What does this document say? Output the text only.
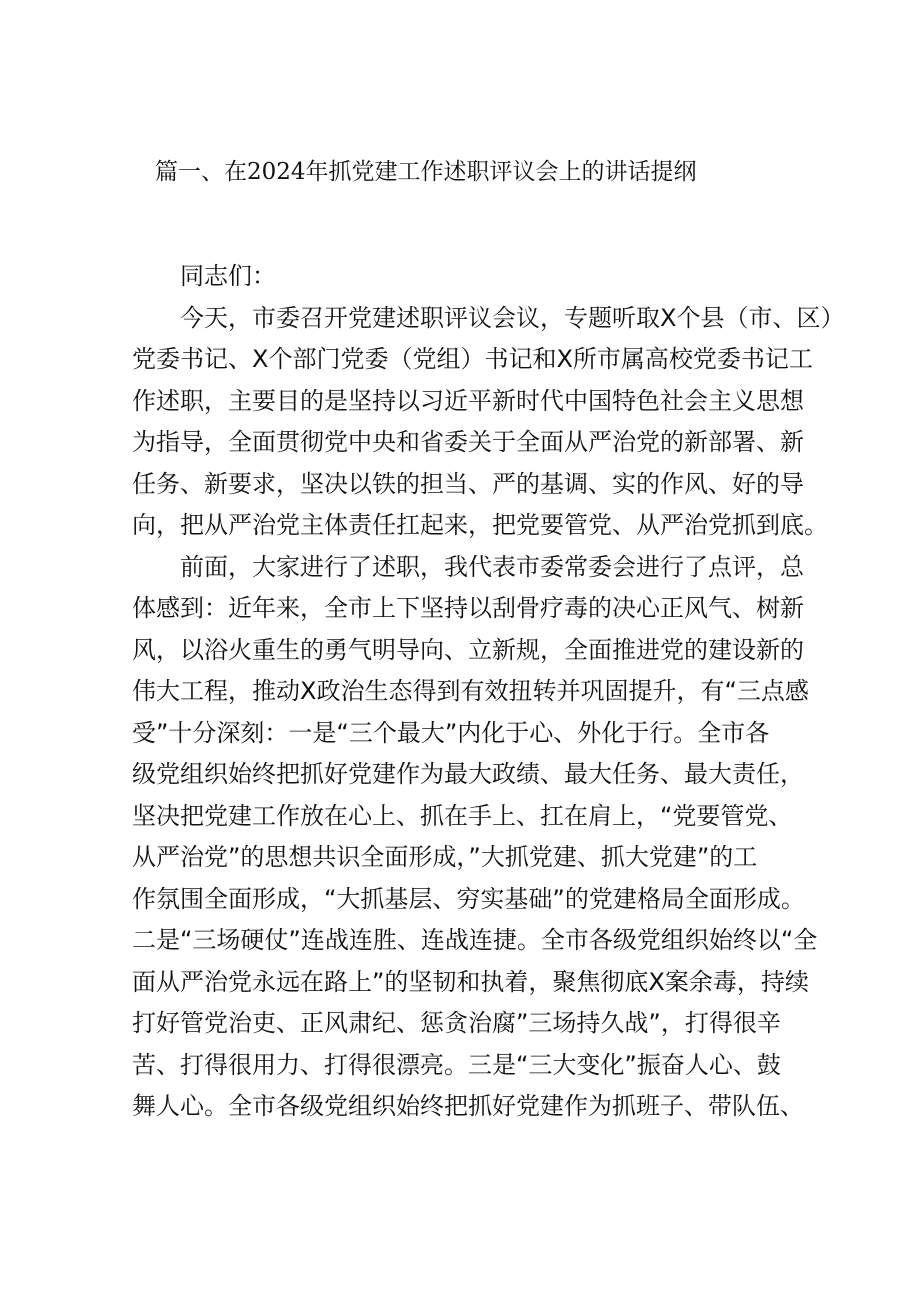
篇一、在2024年抓党建工作述职评议会上的讲话提纲
同志们：
今天，市委召开党建述职评议会议，专题听取X个县（市、区）
党委书记、X个部门党委（党组）书记和X所市属高校党委书记工
作述职，主要目的是坚持以习近平新时代中国特色社会主义思想
为指导，全面贯彻党中央和省委关于全面从严治党的新部署、新
任务、新要求，坚决以铁的担当、严的基调、实的作风、好的导
向，把从严治党主体责任扛起来，把党要管党、从严治党抓到底。
前面，大家进行了述职，我代表市委常委会进行了点评，总
体感到：近年来，全市上下坚持以刮骨疗毒的决心正风气、树新
风，以浴火重生的勇气明导向、立新规，全面推进党的建设新的
伟大工程，推动X政治生态得到有效扭转并巩固提升，有“三点感
受”十分深刻：一是“三个最大”内化于心、外化于行。全市各
级党组织始终把抓好党建作为最大政绩、最大任务、最大责任，
坚决把党建工作放在心上、抓在手上、扛在肩上，“党要管党、
从严治党”的思想共识全面形成，”大抓党建、抓大党建”的工
作氛围全面形成，“大抓基层、穷实基础”的党建格局全面形成。
二是“三场硬仗”连战连胜、连战连捷。全市各级党组织始终以“全
面从严治党永远在路上”的坚韧和执着，聚焦彻底X案余毒，持续
打好管党治吏、正风肃纪、惩贪治腐”三场持久战”，打得很辛
苦、打得很用力、打得很漂亮。三是“三大变化”振奋人心、鼓
舞人心。全市各级党组织始终把抓好党建作为抓班子、带队伍、
